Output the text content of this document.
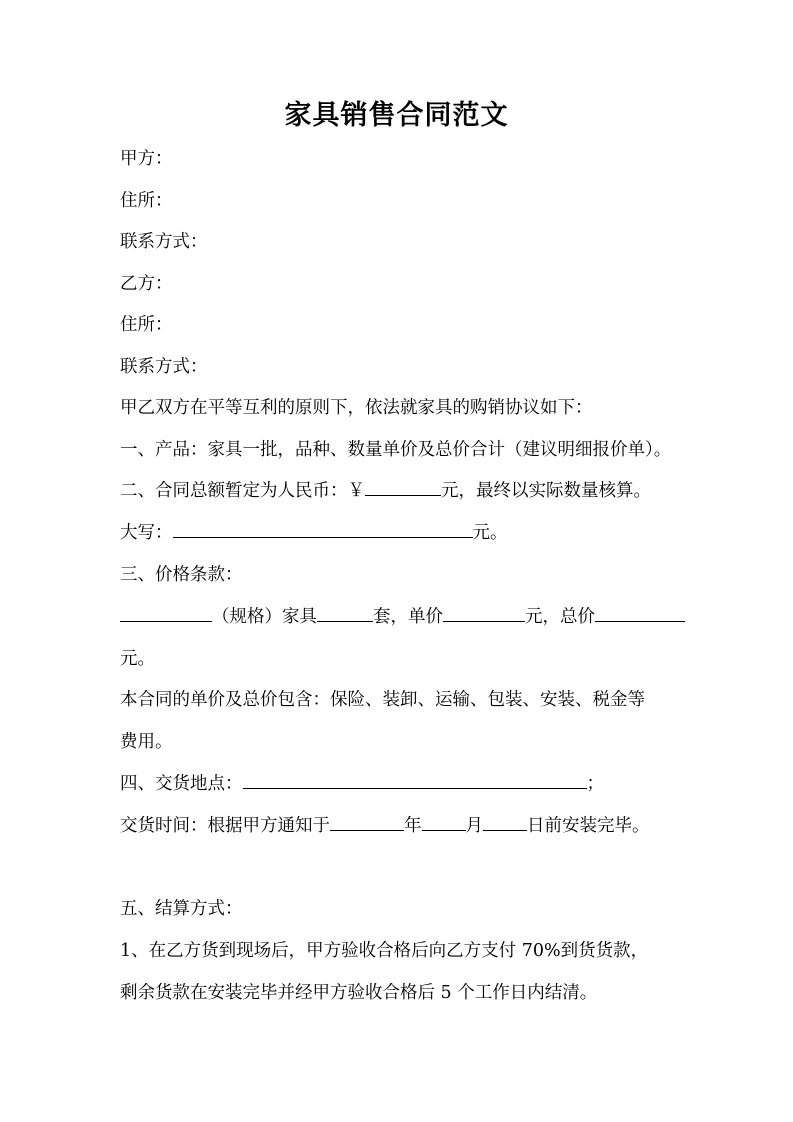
家具销售合同范文
甲方：
住所：
联系方式：
乙方：
住所：
联系方式：
甲乙双方在平等互利的原则下，依法就家具的购销协议如下：
一、产品：家具一批，品种、数量单价及总价合计（建议明细报价单）。
二、合同总额暂定为人民币：￥	元，最终以实际数量核算。
大写：	元。
三、价格条款：
（规格）家具	套，单价	元，总价
元。
本合同的单价及总价包含：保险、装卸、运输、包装、安装、税金等
费用。
四、交货地点：	；
交货时间：根据甲方通知于	年	月	日前安装完毕。
五、结算方式：
1、在乙方货到现场后，甲方验收合格后向乙方支付 70%到货货款，
剩余货款在安装完毕并经甲方验收合格后 5 个工作日内结清。
